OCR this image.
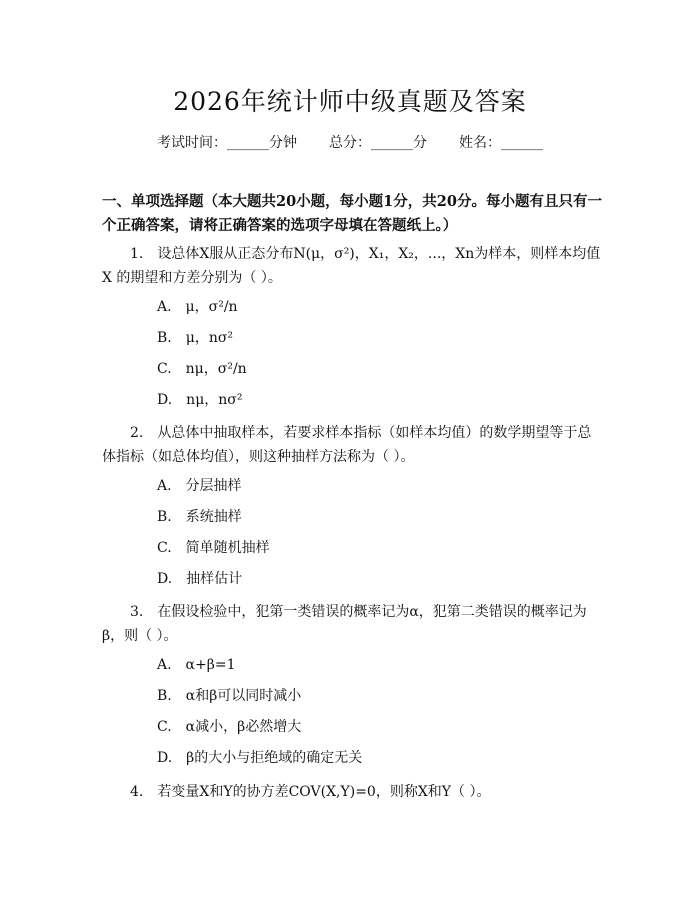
2026年统计师中级真题及答案
考试时间：______分钟 总分：______分 姓名：______
一、单项选择题（本大题共20小题，每小题1分，共20分。每小题有且只有一个正确答案，请将正确答案的选项字母填在答题纸上。）
1.　设总体X服从正态分布N(μ，σ²)，X₁，X₂，...，Xn为样本，则样本均值X 的期望和方差分别为（ ）。
A.　μ，σ²/n
B.　μ，nσ²
C.　nμ，σ²/n
D.　nμ，nσ²
2.　从总体中抽取样本，若要求样本指标（如样本均值）的数学期望等于总体指标（如总体均值），则这种抽样方法称为（ ）。
A.　分层抽样
B.　系统抽样
C.　简单随机抽样
D.　抽样估计
3.　在假设检验中，犯第一类错误的概率记为α，犯第二类错误的概率记为β，则（ ）。
A.　α+β=1
B.　α和β可以同时减小
C.　α减小，β必然增大
D.　β的大小与拒绝域的确定无关
4.　若变量X和Y的协方差COV(X,Y)=0，则称X和Y（ ）。
